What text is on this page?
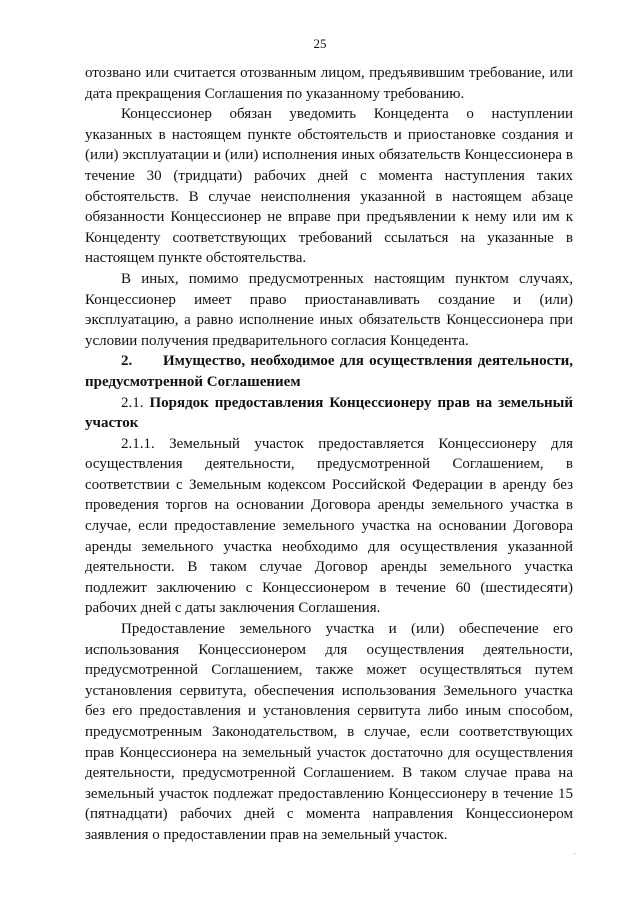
25

отозвано или считается отозванным лицом, предъявившим требование, или дата прекращения Соглашения по указанному требованию.

Концессионер обязан уведомить Концедента о наступлении указанных в настоящем пункте обстоятельств и приостановке создания и (или) эксплуатации и (или) исполнения иных обязательств Концессионера в течение 30 (тридцати) рабочих дней с момента наступления таких обстоятельств. В случае неисполнения указанной в настоящем абзаце обязанности Концессионер не вправе при предъявлении к нему или им к Концеденту соответствующих требований ссылаться на указанные в настоящем пункте обстоятельства.

В иных, помимо предусмотренных настоящим пунктом случаях, Концессионер имеет право приостанавливать создание и (или) эксплуатацию, а равно исполнение иных обязательств Концессионера при условии получения предварительного согласия Концедента.

2. Имущество, необходимое для осуществления деятельности, предусмотренной Соглашением

2.1. Порядок предоставления Концессионеру прав на земельный участок

2.1.1. Земельный участок предоставляется Концессионеру для осуществления деятельности, предусмотренной Соглашением, в соответствии с Земельным кодексом Российской Федерации в аренду без проведения торгов на основании Договора аренды земельного участка в случае, если предоставление земельного участка на основании Договора аренды земельного участка необходимо для осуществления указанной деятельности. В таком случае Договор аренды земельного участка подлежит заключению с Концессионером в течение 60 (шестидесяти) рабочих дней с даты заключения Соглашения.

Предоставление земельного участка и (или) обеспечение его использования Концессионером для осуществления деятельности, предусмотренной Соглашением, также может осуществляться путем установления сервитута, обеспечения использования Земельного участка без его предоставления и установления сервитута либо иным способом, предусмотренным Законодательством, в случае, если соответствующих прав Концессионера на земельный участок достаточно для осуществления деятельности, предусмотренной Соглашением. В таком случае права на земельный участок подлежат предоставлению Концессионеру в течение 15 (пятнадцати) рабочих дней с момента направления Концессионером заявления о предоставлении прав на земельный участок.
